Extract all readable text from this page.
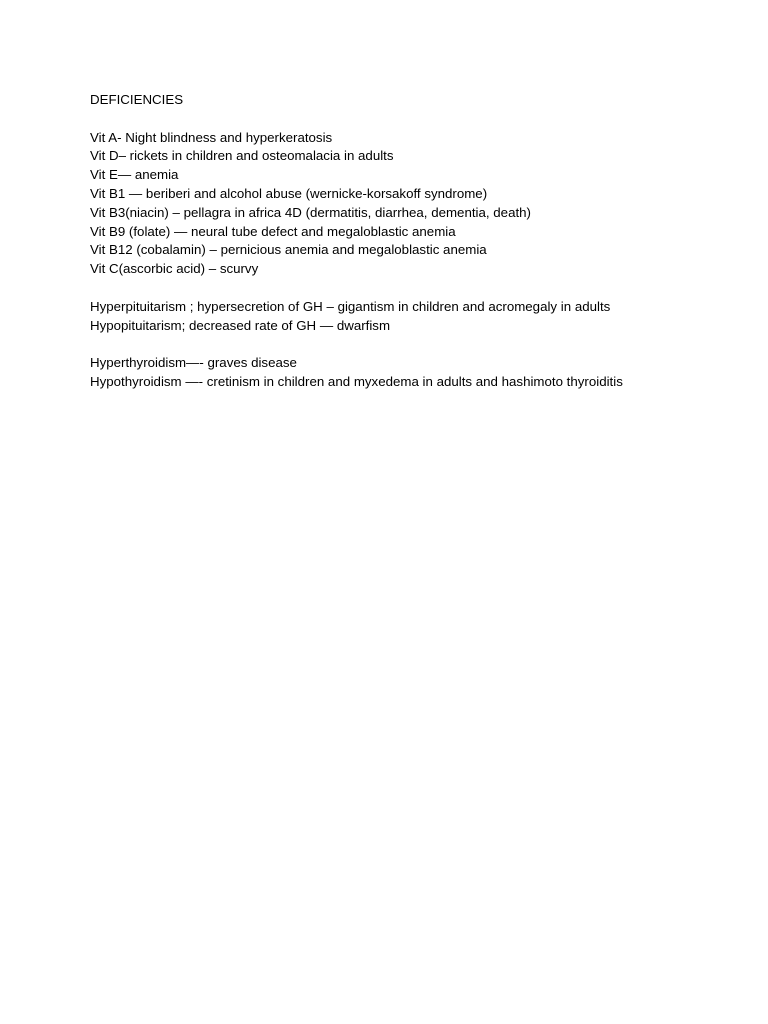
DEFICIENCIES
Vit A- Night blindness and hyperkeratosis
Vit D– rickets in children and osteomalacia in adults
Vit E— anemia
Vit B1 — beriberi and alcohol abuse (wernicke-korsakoff syndrome)
Vit B3(niacin) – pellagra in africa 4D (dermatitis, diarrhea, dementia, death)
Vit B9 (folate) — neural tube defect and megaloblastic anemia
Vit B12 (cobalamin) – pernicious anemia and megaloblastic anemia
Vit C(ascorbic acid) – scurvy
Hyperpituitarism ; hypersecretion of GH – gigantism in children and acromegaly in adults
Hypopituitarism; decreased rate of GH — dwarfism
Hyperthyroidism—- graves disease
Hypothyroidism —- cretinism in children and myxedema in adults and hashimoto thyroiditis
